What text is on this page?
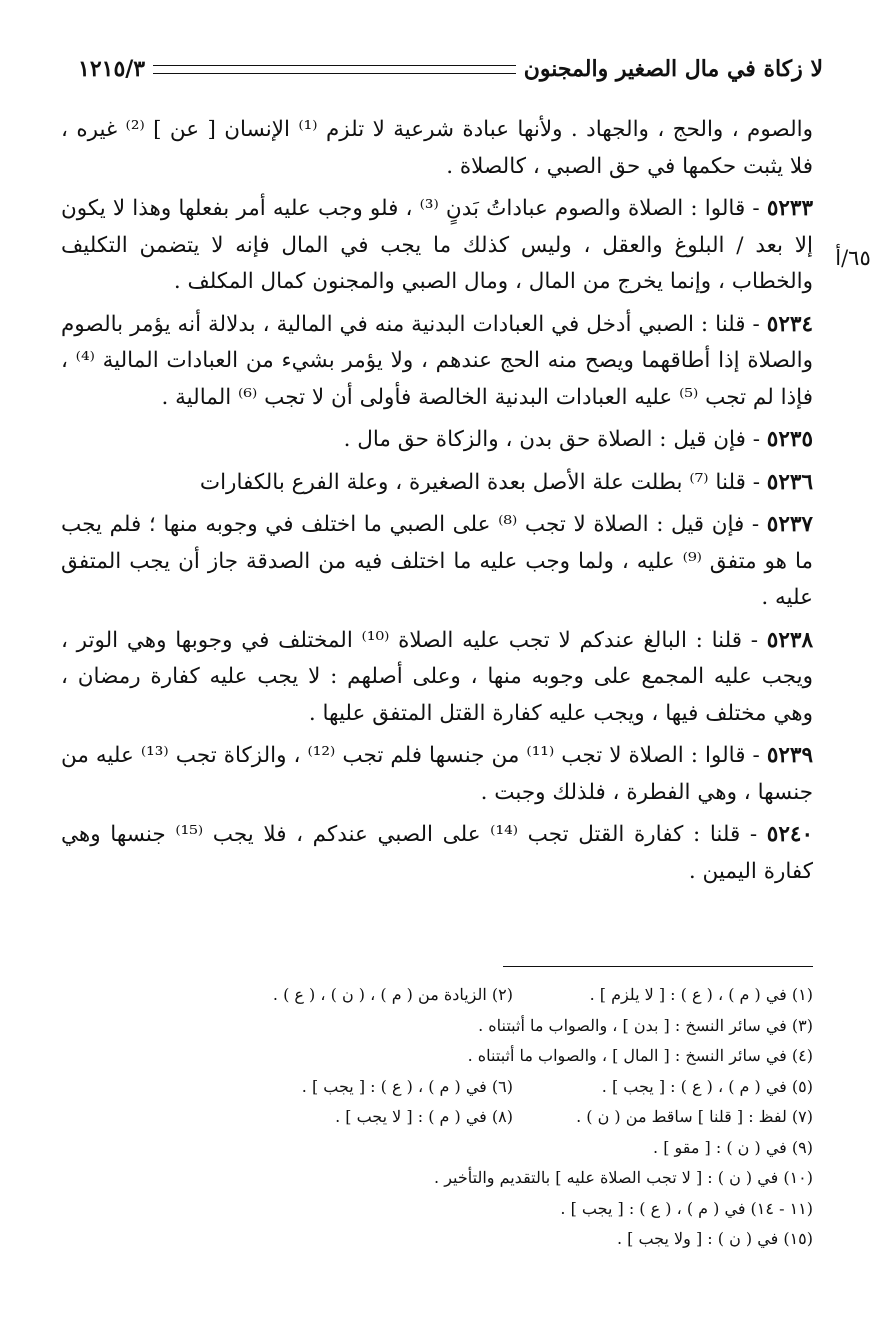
لا زكاة في مال الصغير والمجنون
١٢١٥/٣
٦٥/أ

والصوم ، والحج ، والجهاد . ولأنها عبادة شرعية لا تلزم ⁽¹⁾ الإنسان [ عن ] ⁽²⁾ غيره ، فلا يثبت حكمها في حق الصبي ، كالصلاة .

٥٢٣٣ - قالوا : الصلاة والصوم عباداتُ بَدنٍ ⁽³⁾ ، فلو وجب عليه أمر بفعلها وهذا لا يكون إلا بعد / البلوغ والعقل ، وليس كذلك ما يجب في المال فإنه لا يتضمن التكليف والخطاب ، وإنما يخرج من المال ، ومال الصبي والمجنون كمال المكلف .

٥٢٣٤ - قلنا : الصبي أدخل في العبادات البدنية منه في المالية ، بدلالة أنه يؤمر بالصوم والصلاة إذا أطاقهما ويصح منه الحج عندهم ، ولا يؤمر بشيء من العبادات المالية ⁽⁴⁾ ، فإذا لم تجب ⁽⁵⁾ عليه العبادات البدنية الخالصة فأولى أن لا تجب ⁽⁶⁾ المالية .

٥٢٣٥ - فإن قيل : الصلاة حق بدن ، والزكاة حق مال .

٥٢٣٦ - قلنا ⁽⁷⁾ بطلت علة الأصل بعدة الصغيرة ، وعلة الفرع بالكفارات

٥٢٣٧ - فإن قيل : الصلاة لا تجب ⁽⁸⁾ على الصبي ما اختلف في وجوبه منها ؛ فلم يجب ما هو متفق ⁽⁹⁾ عليه ، ولما وجب عليه ما اختلف فيه من الصدقة جاز أن يجب المتفق عليه .

٥٢٣٨ - قلنا : البالغ عندكم لا تجب عليه الصلاة ⁽¹⁰⁾ المختلف في وجوبها وهي الوتر ، ويجب عليه المجمع على وجوبه منها ، وعلى أصلهم : لا يجب عليه كفارة رمضان ، وهي مختلف فيها ، ويجب عليه كفارة القتل المتفق عليها .

٥٢٣٩ - قالوا : الصلاة لا تجب ⁽¹¹⁾ من جنسها فلم تجب ⁽¹²⁾ ، والزكاة تجب ⁽¹³⁾ عليه من جنسها ، وهي الفطرة ، فلذلك وجبت .

٥٢٤٠ - قلنا : كفارة القتل تجب ⁽¹⁴⁾ على الصبي عندكم ، فلا يجب ⁽¹⁵⁾ جنسها وهي كفارة اليمين .

(١) في ( م ) ، ( ع ) : [ لا يلزم ] .
(٢) الزيادة من ( م ) ، ( ن ) ، ( ع ) .
(٣) في سائر النسخ : [ بدن ] ، والصواب ما أثبتناه .
(٤) في سائر النسخ : [ المال ] ، والصواب ما أثبتناه .
(٥) في ( م ) ، ( ع ) : [ يجب ] .
(٦) في ( م ) ، ( ع ) : [ يجب ] .
(٧) لفظ : [ قلنا ] ساقط من ( ن ) .
(٨) في ( م ) : [ لا يجب ] .
(٩) في ( ن ) : [ مقو ] .
(١٠) في ( ن ) : [ لا تجب الصلاة عليه ] بالتقديم والتأخير .
(١١ - ١٤) في ( م ) ، ( ع ) : [ يجب ] .
(١٥) في ( ن ) : [ ولا يجب ] .
